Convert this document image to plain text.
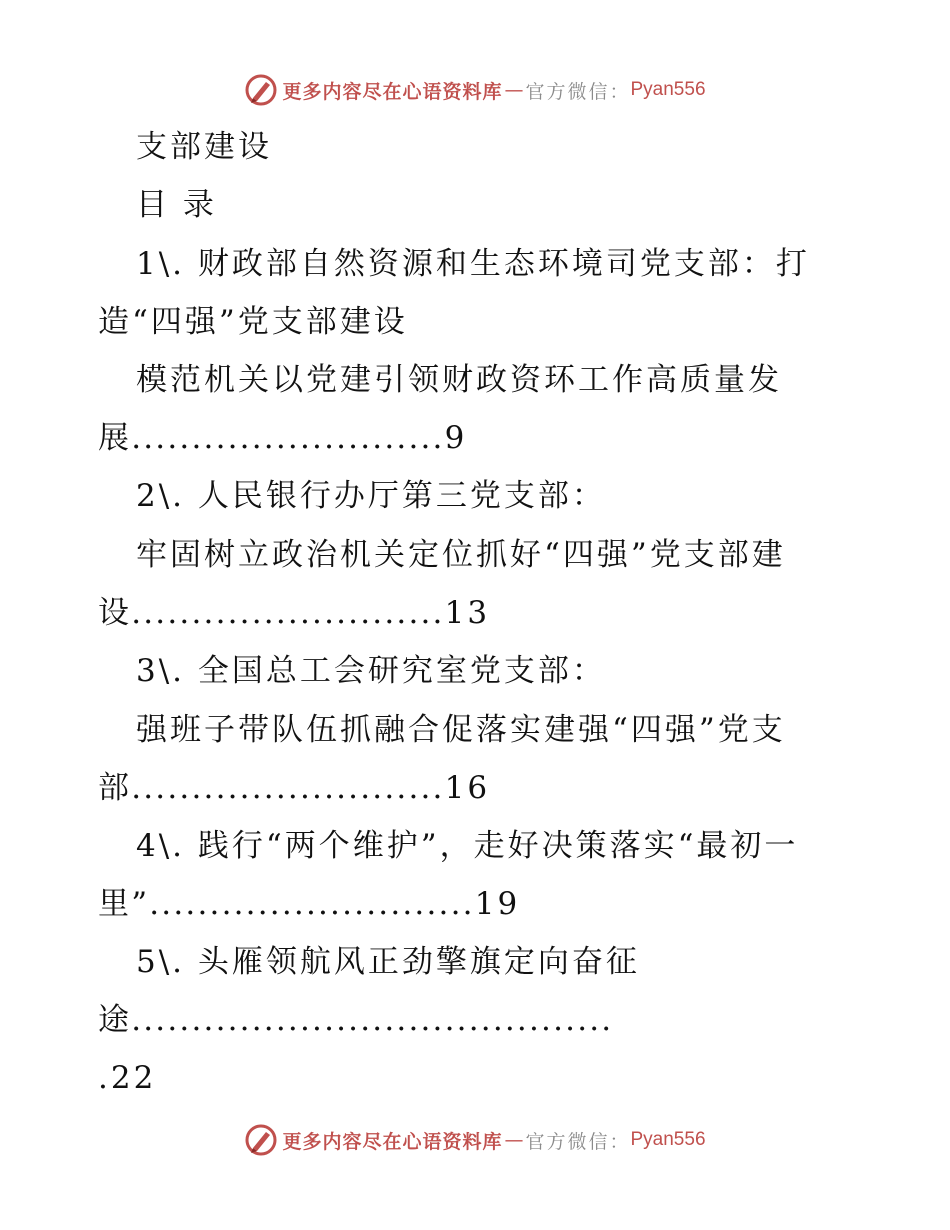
更多内容尽在心语资料库 — 官方微信： Pyan556
支部建设
目 录
1\. 财政部自然资源和生态环境司党支部：打
造“四强”党支部建设
模范机关以党建引领财政资环工作高质量发
展..........................9
2\. 人民银行办厅第三党支部：
牢固树立政治机关定位抓好“四强”党支部建
设..........................13
3\. 全国总工会研究室党支部：
强班子带队伍抓融合促落实建强“四强”党支
部..........................16
4\. 践行“两个维护”，走好决策落实“最初一
里”...........................19
5\. 头雁领航风正劲擎旗定向奋征
途........................................
.22
更多内容尽在心语资料库 — 官方微信： Pyan556
